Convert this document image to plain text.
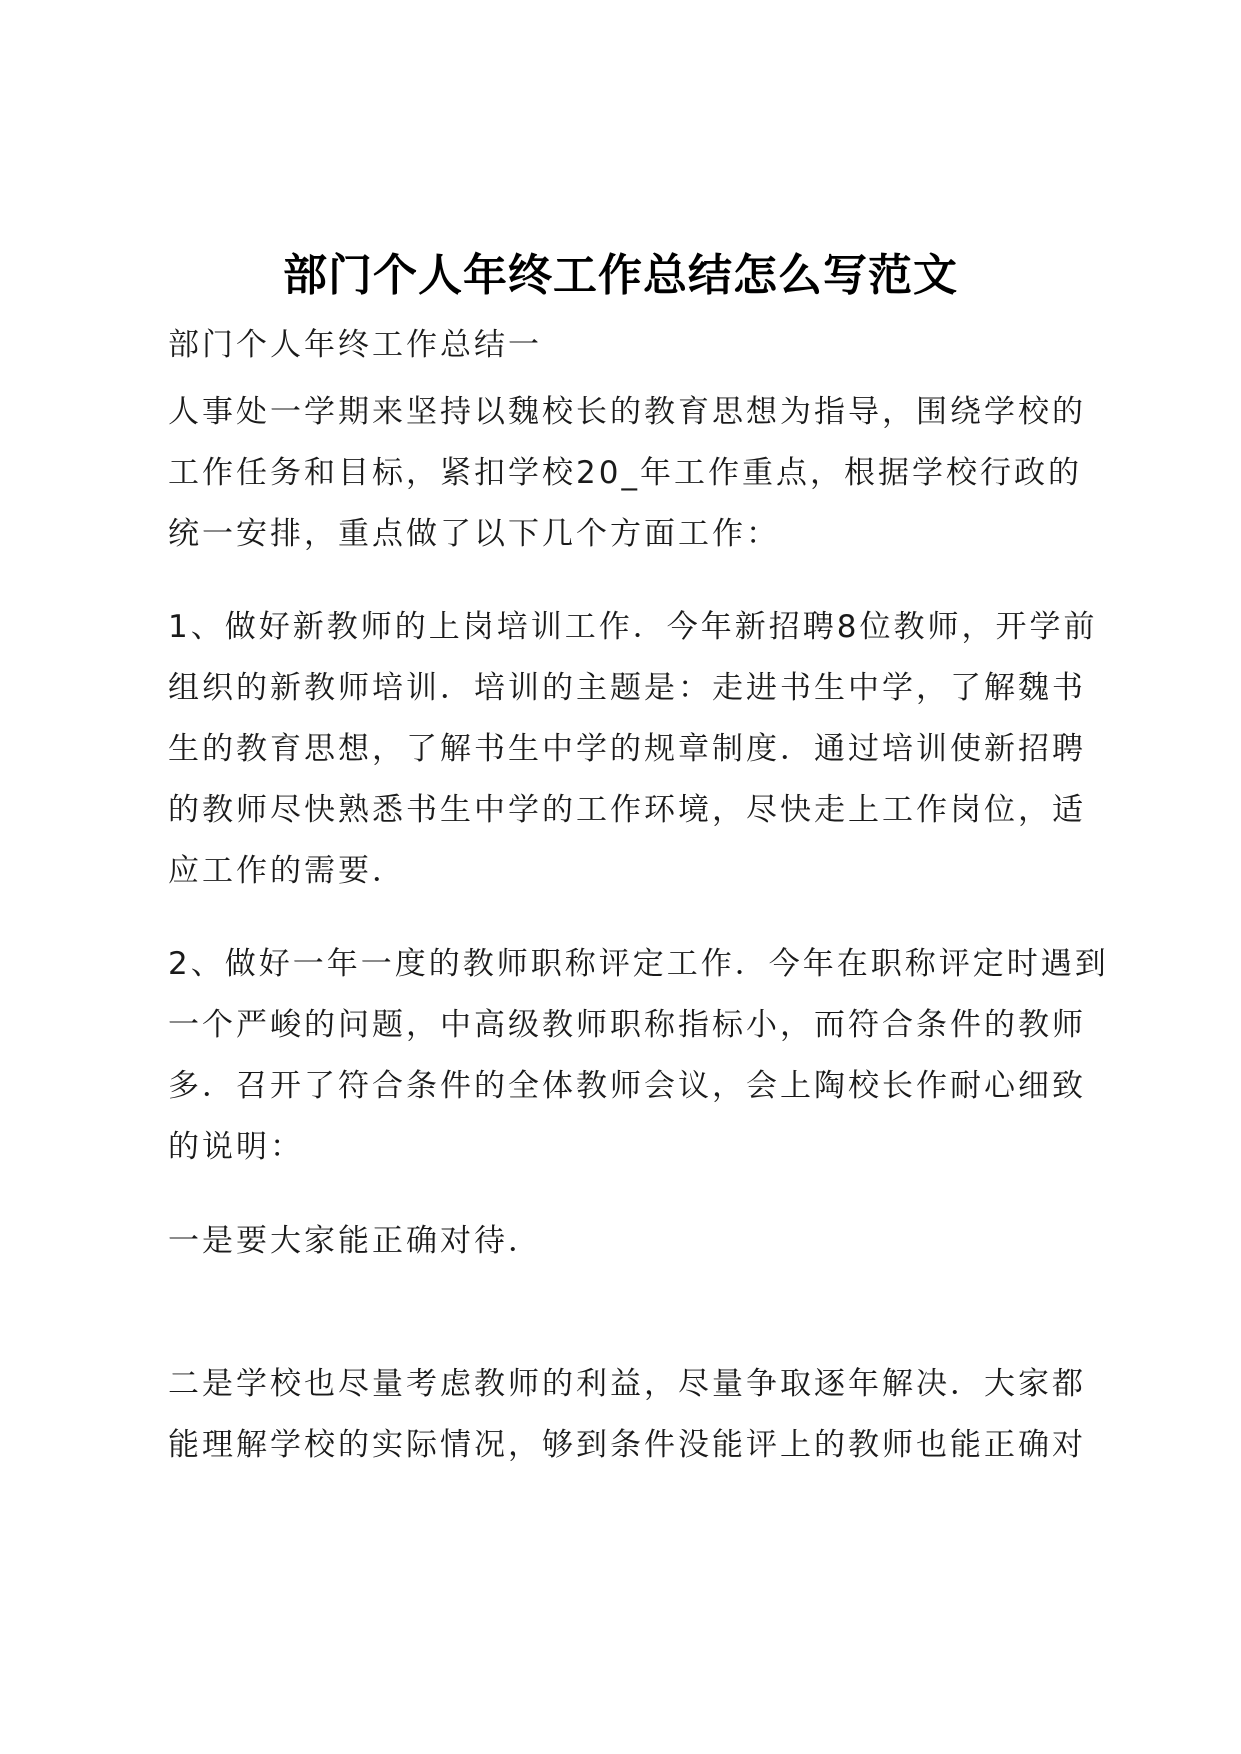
部门个人年终工作总结怎么写范文
部门个人年终工作总结一
人事处一学期来坚持以魏校长的教育思想为指导，围绕学校的
工作任务和目标，紧扣学校20_年工作重点，根据学校行政的
统一安排，重点做了以下几个方面工作：
1、做好新教师的上岗培训工作．今年新招聘8位教师，开学前
组织的新教师培训．培训的主题是：走进书生中学，了解魏书
生的教育思想，了解书生中学的规章制度．通过培训使新招聘
的教师尽快熟悉书生中学的工作环境，尽快走上工作岗位，适
应工作的需要．
2、做好一年一度的教师职称评定工作．今年在职称评定时遇到
一个严峻的问题，中高级教师职称指标小，而符合条件的教师
多．召开了符合条件的全体教师会议，会上陶校长作耐心细致
的说明：
一是要大家能正确对待．
二是学校也尽量考虑教师的利益，尽量争取逐年解决．大家都
能理解学校的实际情况，够到条件没能评上的教师也能正确对
